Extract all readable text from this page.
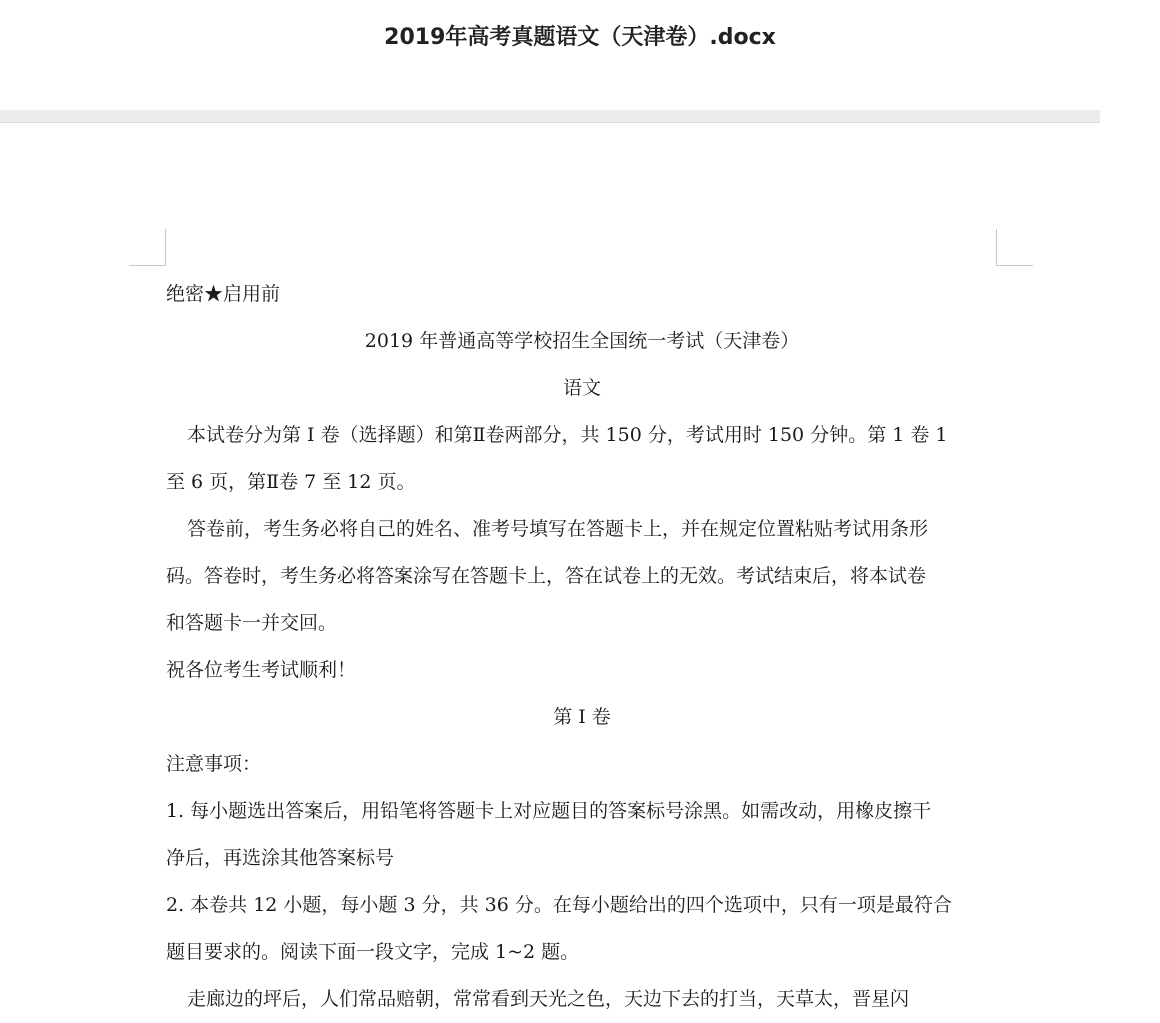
2019年高考真题语文（天津卷）.docx
绝密★启用前
2019 年普通高等学校招生全国统一考试（天津卷）
语文
本试卷分为第 I 卷（选择题）和第Ⅱ卷两部分，共 150 分，考试用时 150 分钟。第 1 卷 1
至 6 页，第Ⅱ卷 7 至 12 页。
答卷前，考生务必将自己的姓名、准考号填写在答题卡上，并在规定位置粘贴考试用条形
码。答卷时，考生务必将答案涂写在答题卡上，答在试卷上的无效。考试结束后，将本试卷
和答题卡一并交回。
祝各位考生考试顺利！
第 I 卷
注意事项：
1. 每小题选出答案后，用铅笔将答题卡上对应题目的答案标号涂黑。如需改动，用橡皮擦干
净后，再选涂其他答案标号
2. 本卷共 12 小题，每小题 3 分，共 36 分。在每小题给出的四个选项中，只有一项是最符合
题目要求的。阅读下面一段文字，完成 1~2 题。
走廊边的坪后，人们常品赔朝，常常看到天光之色，天边下去的打当，天草太，晋星闪
